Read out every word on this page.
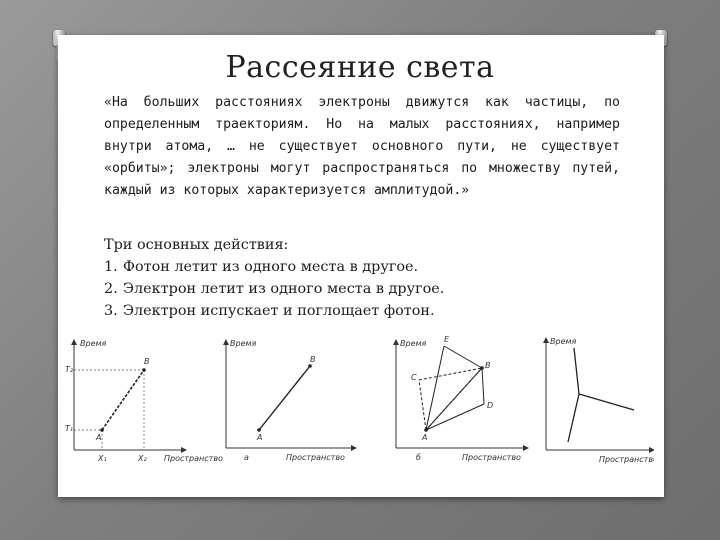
Рассеяние света
«На больших расстояниях электроны движутся как частицы, по определенным траекториям. Но на малых расстояниях, например внутри атома, … не существует основного пути, не существует «орбиты»; электроны могут распространяться по множеству путей, каждый из которых характеризуется амплитудой.»
Три основных действия:
1. Фотон летит из одного места в другое.
2. Электрон летит из одного места в другое.
3. Электрон испускает и поглощает фотон.
Время
Пространство
T₂
T₁
A
B
X₁	X₂
Время
Пространство
A
B
а
Время
Пространство
A
B
C
D
E
б
Время
Пространство
